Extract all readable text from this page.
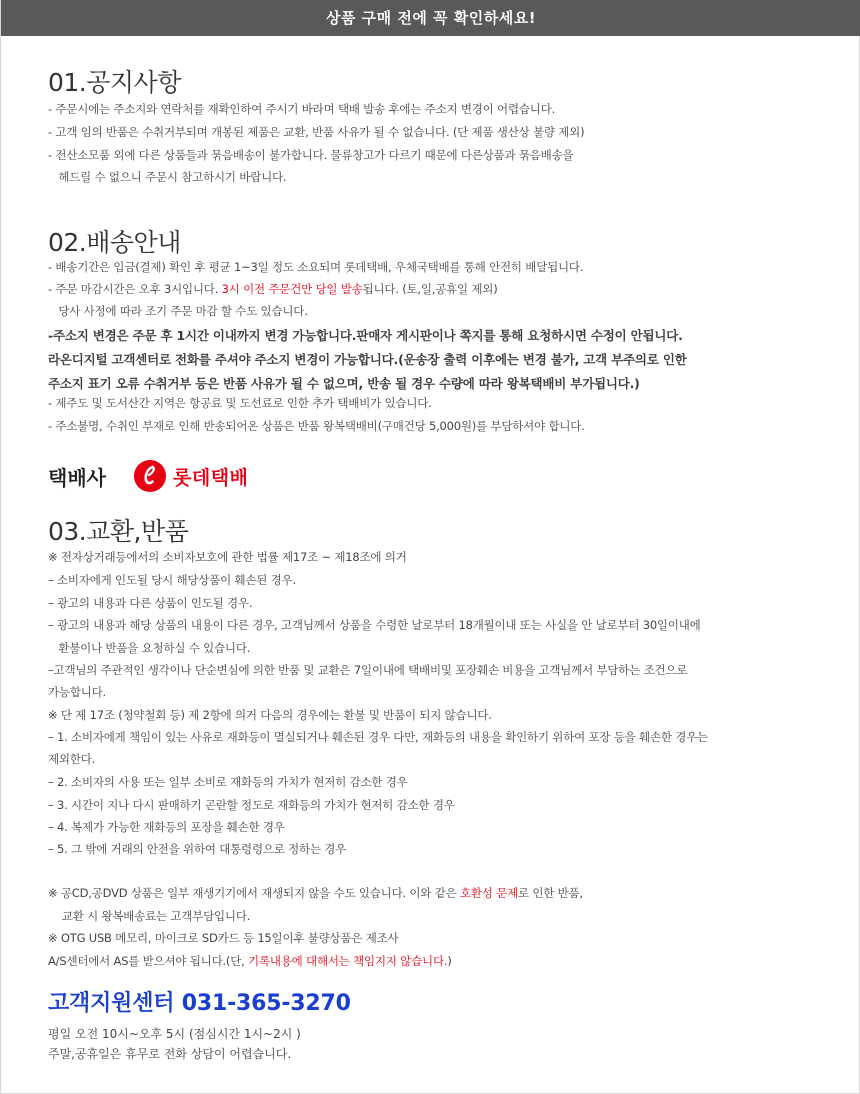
상품 구매 전에 꼭 확인하세요!
01.공지사항
- 주문시에는 주소지와 연락처를 재확인하여 주시기 바라며 택배 발송 후에는 주소지 변경이 어렵습니다.
- 고객 임의 반품은 수취거부되며 개봉된 제품은 교환, 반품 사유가 될 수 없습니다. (단 제품 생산상 불량 제외)
- 전산소모품 외에 다른 상품들과 묶음배송이 불가합니다. 물류창고가 다르기 때문에 다른상품과 묶음배송을
헤드릴 수 없으니 주문시 참고하시기 바랍니다.
02.배송안내
- 배송기간은 입금(결제) 확인 후 평균 1~3일 정도 소요되며 롯데택배, 우체국택배를 통해 안전히 배달됩니다.
- 주문 마감시간은 오후 3시입니다. 3시 이전 주문건만 당일 발송됩니다. (토,일,공휴일 제외)
당사 사정에 따라 조기 주문 마감 할 수도 있습니다.
-주소지 변경은 주문 후 1시간 이내까지 변경 가능합니다.판매자 게시판이나 쪽지를 통해 요청하시면 수정이 안됩니다.
라온디지털 고객센터로 전화를 주셔야 주소지 변경이 가능합니다.(운송장 출력 이후에는 변경 불가, 고객 부주의로 인한
주소지 표기 오류 수취거부 등은 반품 사유가 될 수 없으며, 반송 될 경우 수량에 따라 왕복택배비 부가됩니다.)
- 제주도 및 도서산간 지역은 항공료 및 도선료로 인한 추가 택배비가 있습니다.
- 주소불명, 수취인 부재로 인해 반송되어온 상품은 반품 왕복택배비(구매건당 5,000원)를 부담하셔야 합니다.
택배사	롯데택배
03.교환,반품
※ 전자상거래등에서의 소비자보호에 관한 법률 제17조 ~ 제18조에 의거
– 소비자에게 인도될 당시 해당상품이 훼손된 경우.
– 광고의 내용과 다른 상품이 인도될 경우.
– 광고의 내용과 해당 상품의 내용이 다른 경우, 고객님께서 상품을 수령한 날로부터 18개월이내 또는 사실을 안 날로부터 30일이내에
환불이나 반품을 요청하실 수 있습니다.
–고객님의 주관적인 생각이나 단순변심에 의한 반품 및 교환은 7일이내에 택배비및 포장훼손 비용을 고객님께서 부담하는 조건으로
가능합니다.
※ 단 제 17조 (청약철회 등) 제 2항에 의거 다음의 경우에는 환불 및 반품이 되지 않습니다.
– 1. 소비자에게 책임이 있는 사유로 재화등이 멸실되거나 훼손된 경우 다만, 재화등의 내용을 확인하기 위하여 포장 등을 훼손한 경우는
제외한다.
– 2. 소비자의 사용 또는 일부 소비로 재화등의 가치가 현저히 감소한 경우
– 3. 시간이 지나 다시 판매하기 곤란할 정도로 재화등의 가치가 현저히 감소한 경우
– 4. 복제가 가능한 재화등의 포장을 훼손한 경우
– 5. 그 밖에 거래의 안전을 위하여 대통령령으로 정하는 경우
※ 공CD,공DVD 상품은 일부 재생기기에서 재생되지 않을 수도 있습니다. 이와 같은 호환성 문제로 인한 반품,
교환 시 왕복배송료는 고객부담입니다.
※ OTG USB 메모리, 마이크로 SD카드 등 15일이후 불량상품은 제조사
A/S센터에서 AS를 받으셔야 됩니다.(단, 기록내용에 대해서는 책임지지 않습니다.)
고객지원센터 031-365-3270
평일 오전 10시~오후 5시 (점심시간 1시~2시 )
주말,공휴일은 휴무로 전화 상담이 어렵습니다.
